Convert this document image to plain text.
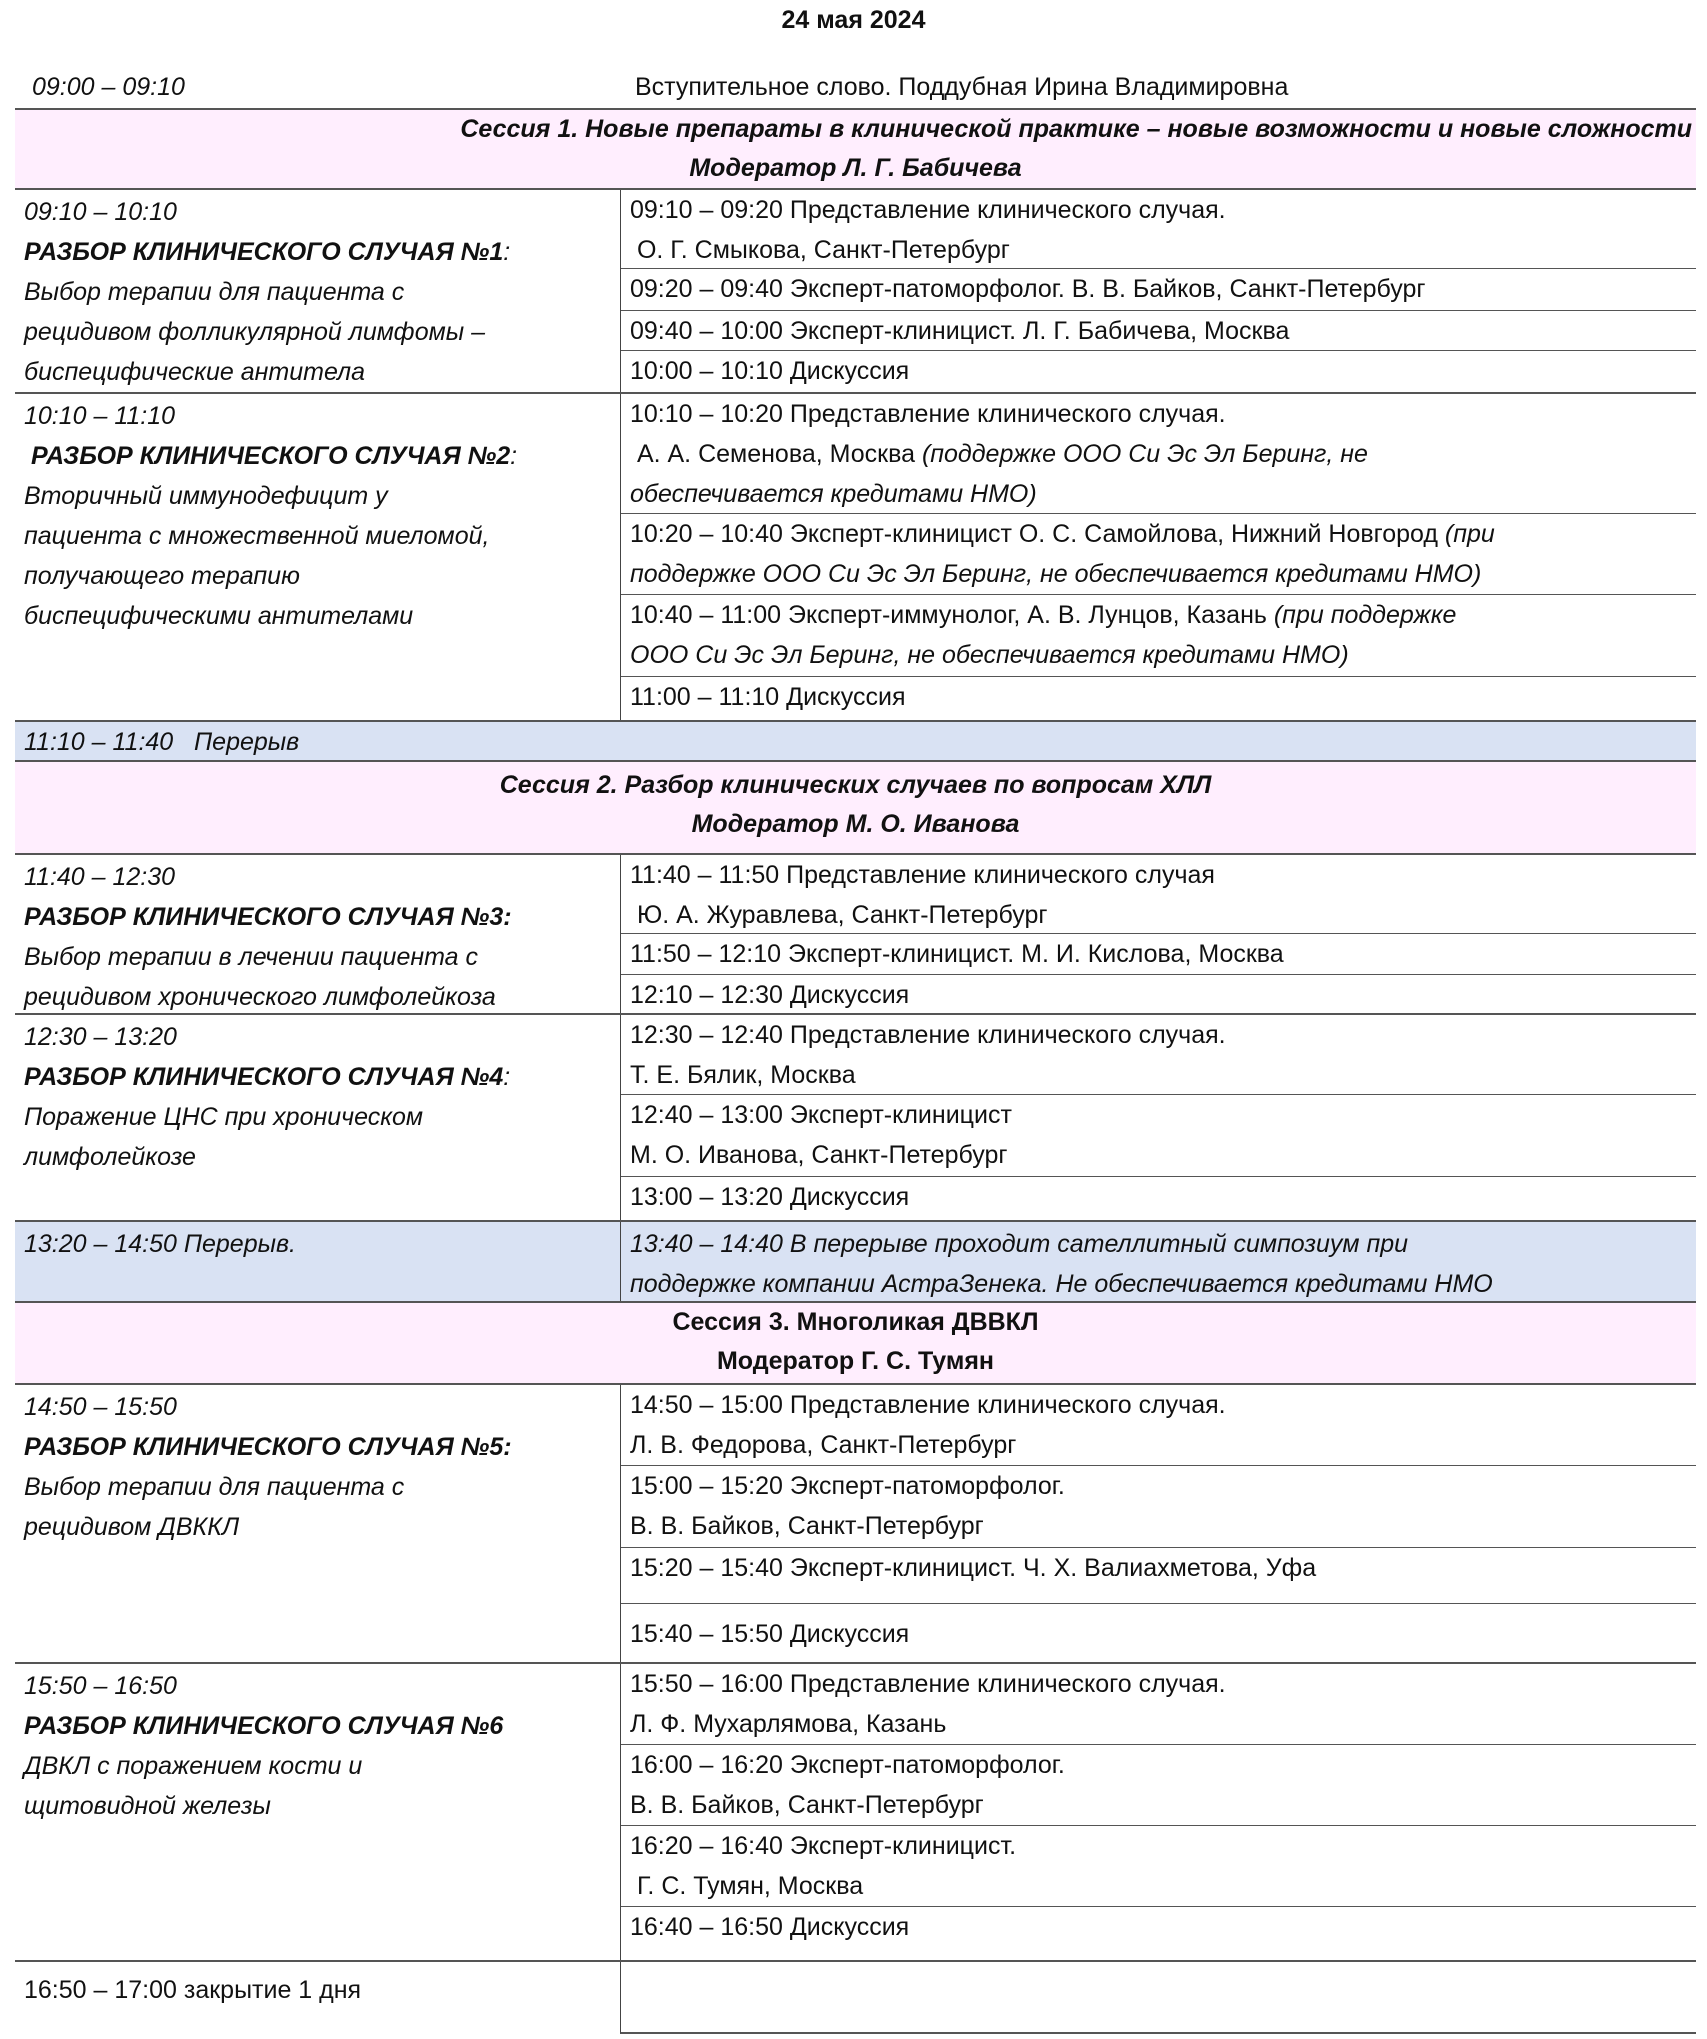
24 мая 2024
09:00 – 09:10	Вступительное слово. Поддубная Ирина Владимировна
Сессия 1. Новые препараты в клинической практике – новые возможности и новые сложности
Модератор Л. Г. Бабичева
09:10 – 10:10
РАЗБОР КЛИНИЧЕСКОГО СЛУЧАЯ №1:
Выбор терапии для пациента с
рецидивом фолликулярной лимфомы –
биспецифические антитела
09:10 – 09:20 Представление клинического случая.
О. Г. Смыкова, Санкт-Петербург
09:20 – 09:40 Эксперт-патоморфолог. В. В. Байков, Санкт-Петербург
09:40 – 10:00 Эксперт-клиницист. Л. Г. Бабичева, Москва
10:00 – 10:10 Дискуссия
10:10 – 11:10
РАЗБОР КЛИНИЧЕСКОГО СЛУЧАЯ №2:
Вторичный иммунодефицит у
пациента с множественной миеломой,
получающего терапию
биспецифическими антителами
10:10 – 10:20 Представление клинического случая.
А. А. Семенова, Москва (поддержке ООО Си Эс Эл Беринг, не
обеспечивается кредитами НМО)
10:20 – 10:40 Эксперт-клиницист О. С. Самойлова, Нижний Новгород (при
поддержке ООО Си Эс Эл Беринг, не обеспечивается кредитами НМО)
10:40 – 11:00 Эксперт-иммунолог, А. В. Лунцов, Казань (при поддержке
ООО Си Эс Эл Беринг, не обеспечивается кредитами НМО)
11:00 – 11:10 Дискуссия
11:10 – 11:40   Перерыв
Сессия 2. Разбор клинических случаев по вопросам ХЛЛ
Модератор М. О. Иванова
11:40 – 12:30
РАЗБОР КЛИНИЧЕСКОГО СЛУЧАЯ №3:
Выбор терапии в лечении пациента с
рецидивом хронического лимфолейкоза
11:40 – 11:50 Представление клинического случая
Ю. А. Журавлева, Санкт-Петербург
11:50 – 12:10 Эксперт-клиницист. М. И. Кислова, Москва
12:10 – 12:30 Дискуссия
12:30 – 13:20
РАЗБОР КЛИНИЧЕСКОГО СЛУЧАЯ №4:
Поражение ЦНС при хроническом
лимфолейкозе
12:30 – 12:40 Представление клинического случая.
Т. Е. Бялик, Москва
12:40 – 13:00 Эксперт-клиницист
М. О. Иванова, Санкт-Петербург
13:00 – 13:20 Дискуссия
13:20 – 14:50 Перерыв.	13:40 – 14:40 В перерыве проходит сателлитный симпозиум при
поддержке компании АстраЗенека. Не обеспечивается кредитами НМО
Сессия 3. Многоликая ДВВКЛ
Модератор Г. С. Тумян
14:50 – 15:50
РАЗБОР КЛИНИЧЕСКОГО СЛУЧАЯ №5:
Выбор терапии для пациента с
рецидивом ДВККЛ
14:50 – 15:00 Представление клинического случая.
Л. В. Федорова, Санкт-Петербург
15:00 – 15:20 Эксперт-патоморфолог.
В. В. Байков, Санкт-Петербург
15:20 – 15:40 Эксперт-клиницист. Ч. Х. Валиахметова, Уфа
15:40 – 15:50 Дискуссия
15:50 – 16:50
РАЗБОР КЛИНИЧЕСКОГО СЛУЧАЯ №6
ДВКЛ с поражением кости и
щитовидной железы
15:50 – 16:00 Представление клинического случая.
Л. Ф. Мухарлямова, Казань
16:00 – 16:20 Эксперт-патоморфолог.
В. В. Байков, Санкт-Петербург
16:20 – 16:40 Эксперт-клиницист.
Г. С. Тумян, Москва
16:40 – 16:50 Дискуссия
16:50 – 17:00 закрытие 1 дня
